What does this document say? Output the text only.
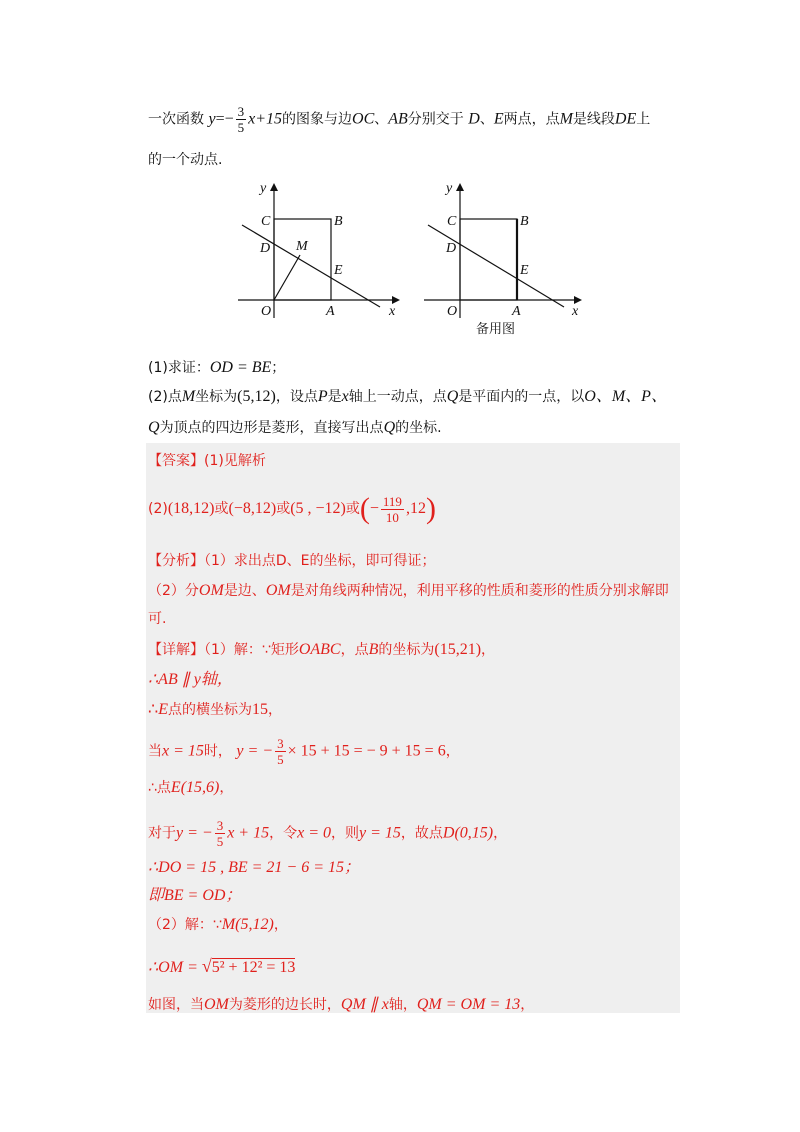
一次函数 $y=- \frac{3}{5} x+15$的图象与边OC、AB分别交于 D、E两点，点M是线段DE上
的一个动点.
y
x
C	B
D M
E
O	A
y
x
C	B
D
E
O	A
备用图
(1)求证：OD = BE；
(2)点M坐标为(5,12)，设点P是x轴上一动点，点Q是平面内的一点，以O、M、P、
Q为顶点的四边形是菱形，直接写出点Q的坐标.
【答案】(1)见解析
(2)(18,12)或(−8,12)或(5 , −12)或(− $\frac{119}{10} ,12$)
【分析】（1）求出点D、E的坐标，即可得证；
（2）分OM是边、OM是对角线两种情况，利用平移的性质和菱形的性质分别求解即
可.
【详解】（1）解：∵矩形OABC，点B的坐标为(15,21)，
∴AB ∥ y轴，
∴E点的横坐标为15，
当x = 15时， y = − $\frac{3}{5} \times 15 + 15$ = − 9 + 15 = 6，
∴点E(15,6)，
对于y = − $\frac{3}{5}$ x + 15，令x = 0，则y = 15，故点D(0,15)，
∴DO = 15 , BE = 21 − 6 = 15；
即BE = OD；
（2）解：∵M(5,12)，
∴OM = √5² + 12² = 13
如图，当OM为菱形的边长时，QM ∥ x轴，QM = OM = 13，
